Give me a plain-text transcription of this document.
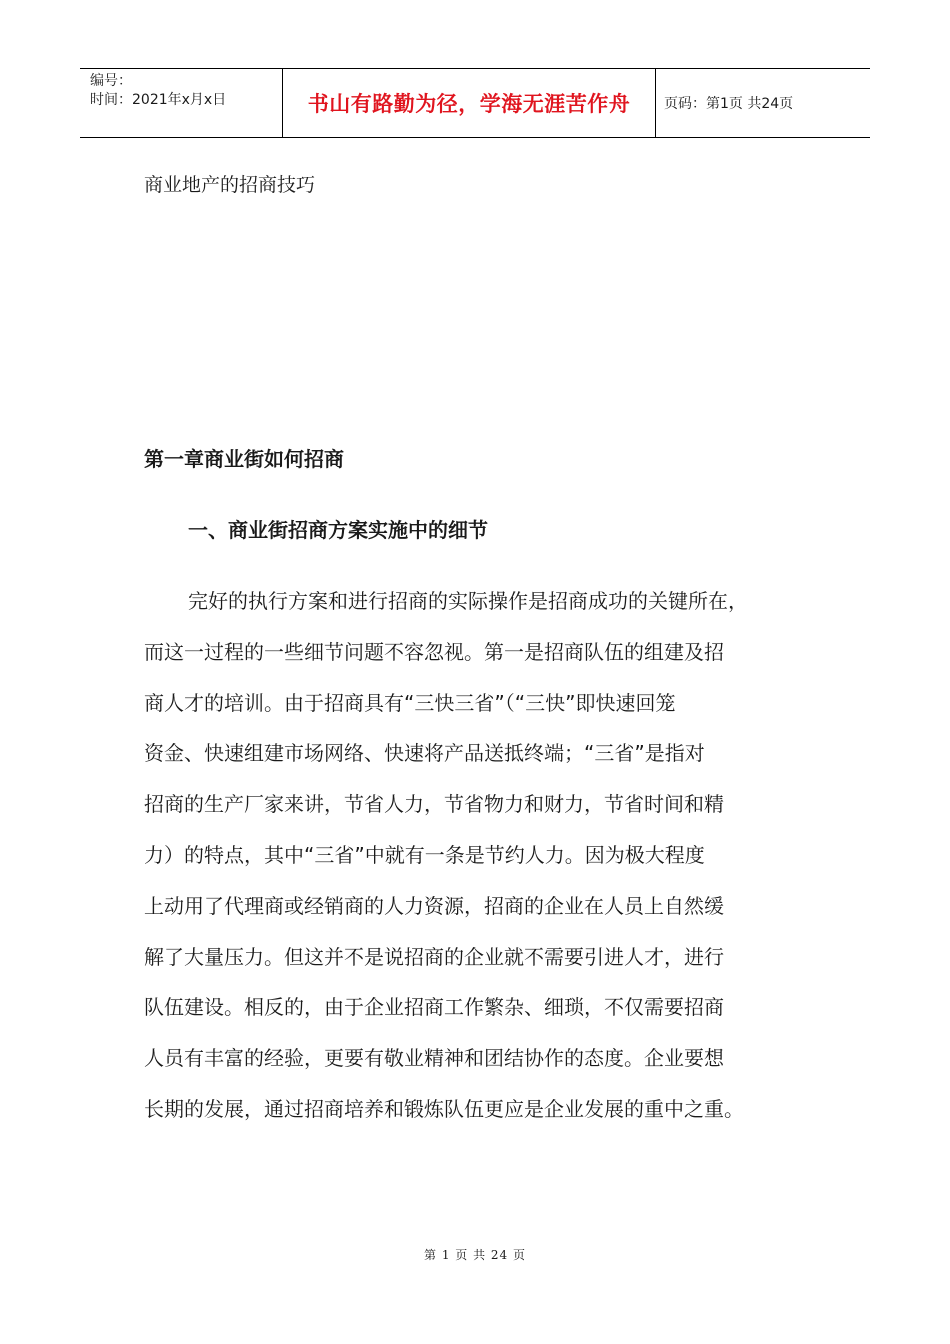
编号：
时间：2021年x月x日	书山有路勤为径，学海无涯苦作舟 页码：第1页 共24页
商业地产的招商技巧
第一章商业街如何招商
一、商业街招商方案实施中的细节
完好的执行方案和进行招商的实际操作是招商成功的关键所在，
而这一过程的一些细节问题不容忽视。第一是招商队伍的组建及招
商人才的培训。由于招商具有“三快三省”（“三快”即快速回笼
资金、快速组建市场网络、快速将产品送抵终端；“三省”是指对
招商的生产厂家来讲，节省人力，节省物力和财力，节省时间和精
力）的特点，其中“三省”中就有一条是节约人力。因为极大程度
上动用了代理商或经销商的人力资源，招商的企业在人员上自然缓
解了大量压力。但这并不是说招商的企业就不需要引进人才，进行
队伍建设。相反的，由于企业招商工作繁杂、细琐，不仅需要招商
人员有丰富的经验，更要有敬业精神和团结协作的态度。企业要想
长期的发展，通过招商培养和锻炼队伍更应是企业发展的重中之重。
第 1 页 共 24 页
